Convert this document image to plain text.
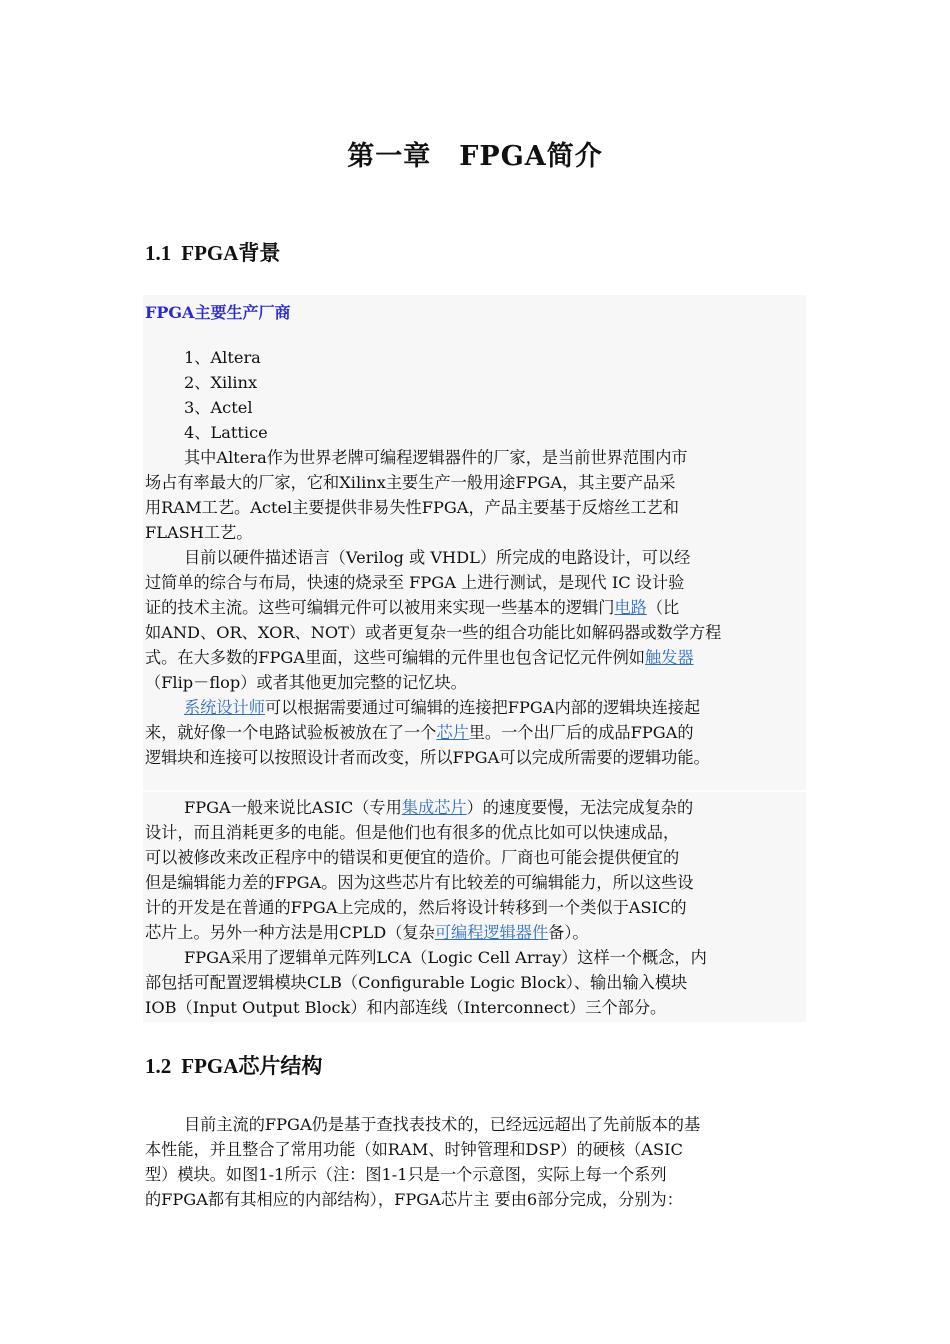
第一章　FPGA简介
1.1 FPGA背景
FPGA主要生产厂商
1、Altera
2、Xilinx
3、Actel
4、Lattice
其中Altera作为世界老牌可编程逻辑器件的厂家，是当前世界范围内市
场占有率最大的厂家，它和Xilinx主要生产一般用途FPGA，其主要产品采
用RAM工艺。Actel主要提供非易失性FPGA，产品主要基于反熔丝工艺和
FLASH工艺。
目前以硬件描述语言（Verilog 或 VHDL）所完成的电路设计，可以经
过简单的综合与布局，快速的烧录至 FPGA 上进行测试，是现代 IC 设计验
证的技术主流。这些可编辑元件可以被用来实现一些基本的逻辑门电路（比
如AND、OR、XOR、NOT）或者更复杂一些的组合功能比如解码器或数学方程
式。在大多数的FPGA里面，这些可编辑的元件里也包含记忆元件例如触发器
（Flip－flop）或者其他更加完整的记忆块。
系统设计师可以根据需要通过可编辑的连接把FPGA内部的逻辑块连接起
来，就好像一个电路试验板被放在了一个芯片里。一个出厂后的成品FPGA的
逻辑块和连接可以按照设计者而改变，所以FPGA可以完成所需要的逻辑功能。
FPGA一般来说比ASIC（专用集成芯片）的速度要慢，无法完成复杂的
设计，而且消耗更多的电能。但是他们也有很多的优点比如可以快速成品，
可以被修改来改正程序中的错误和更便宜的造价。厂商也可能会提供便宜的
但是编辑能力差的FPGA。因为这些芯片有比较差的可编辑能力，所以这些设
计的开发是在普通的FPGA上完成的，然后将设计转移到一个类似于ASIC的
芯片上。另外一种方法是用CPLD（复杂可编程逻辑器件备）。
FPGA采用了逻辑单元阵列LCA（Logic Cell Array）这样一个概念，内
部包括可配置逻辑模块CLB（Configurable Logic Block）、输出输入模块
IOB（Input Output Block）和内部连线（Interconnect）三个部分。
1.2 FPGA芯片结构
目前主流的FPGA仍是基于查找表技术的，已经远远超出了先前版本的基
本性能，并且整合了常用功能（如RAM、时钟管理和DSP）的硬核（ASIC
型）模块。如图1-1所示（注：图1-1只是一个示意图，实际上每一个系列
的FPGA都有其相应的内部结构），FPGA芯片主 要由6部分完成，分别为：
